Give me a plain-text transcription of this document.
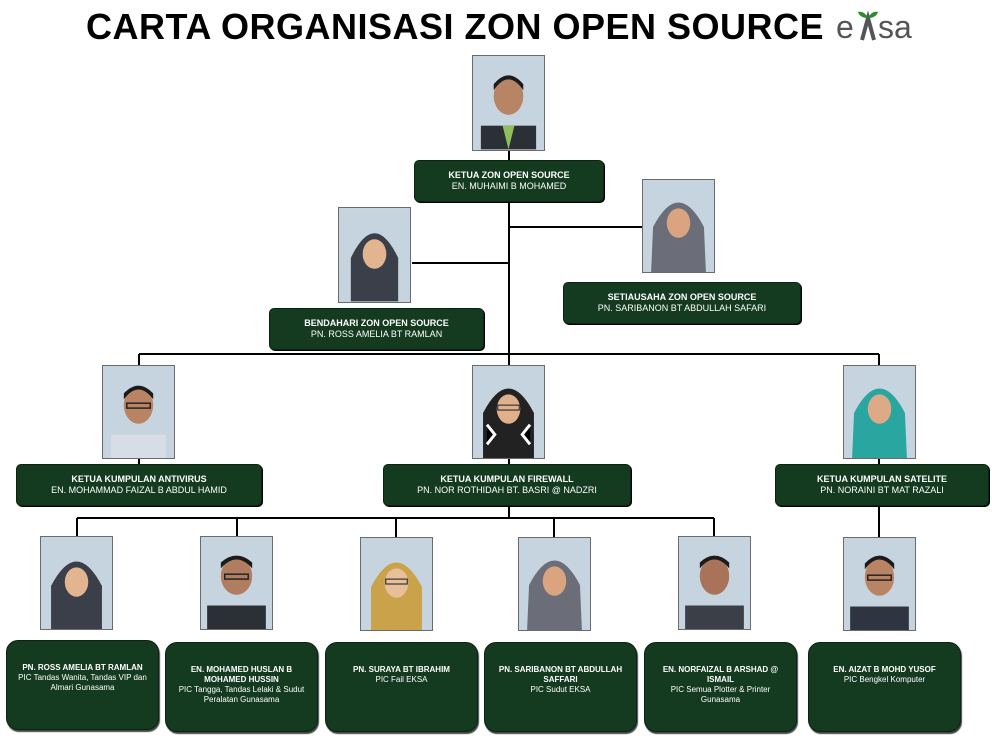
CARTA ORGANISASI ZON OPEN SOURCE e sa
KETUA ZON OPEN SOURCE
EN. MUHAIMI B MOHAMED
SETIAUSAHA ZON OPEN SOURCE
PN. SARIBANON BT ABDULLAH SAFARI
BENDAHARI ZON OPEN SOURCE
PN. ROSS AMELIA BT RAMLAN
KETUA KUMPULAN ANTIVIRUS
EN. MOHAMMAD FAIZAL B ABDUL HAMID
KETUA KUMPULAN FIREWALL
PN. NOR ROTHIDAH BT. BASRI @ NADZRI
KETUA KUMPULAN SATELITE
PN. NORAINI BT MAT RAZALI
PN. ROSS AMELIA BT RAMLAN
PIC Tandas Wanita, Tandas VIP dan Almari Gunasama
EN. MOHAMED HUSLAN B MOHAMED HUSSIN
PIC Tangga, Tandas Lelaki & Sudut Peralatan Gunasama
PN. SURAYA BT IBRAHIM
PIC Fail EKSA
PN. SARIBANON BT ABDULLAH SAFFARI
PIC Sudut EKSA
EN. NORFAIZAL B ARSHAD @ ISMAIL
PIC Semua Plotter & Printer Gunasama
EN. AIZAT B MOHD YUSOF
PIC Bengkel Komputer
